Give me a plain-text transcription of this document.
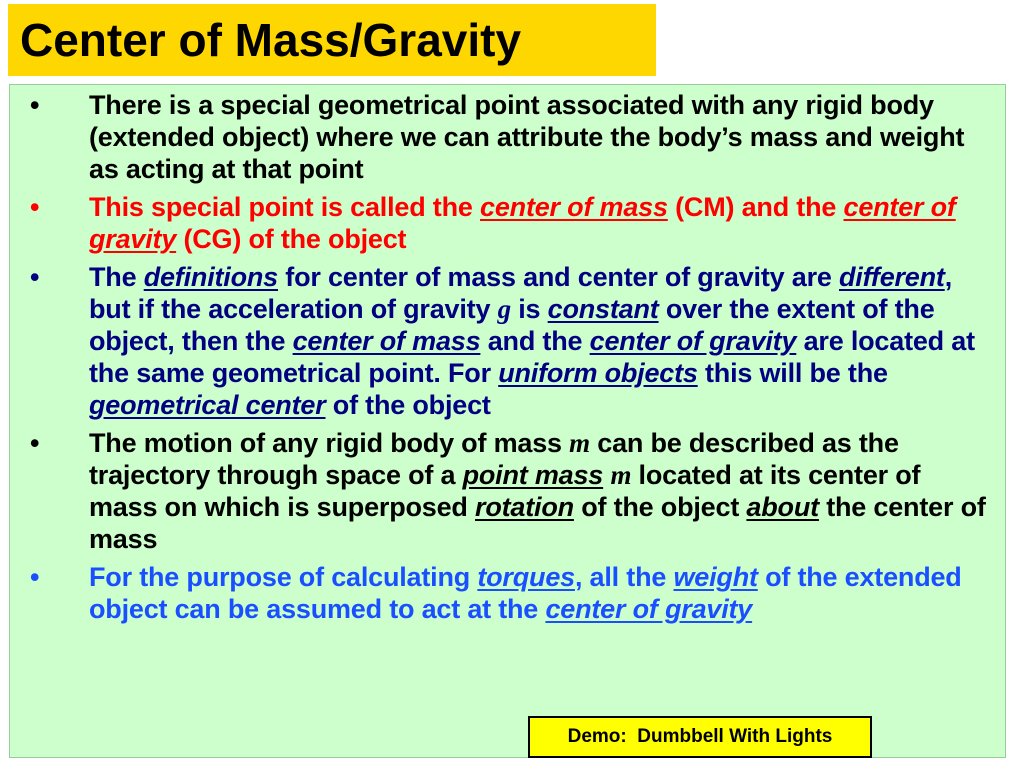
Center of Mass/Gravity
•	There is a special geometrical point associated with any rigid body (extended object) where we can attribute the body’s mass and weight as acting at that point
•	This special point is called the center of mass (CM) and the center of gravity (CG) of the object
•	The definitions for center of mass and center of gravity are different, but if the acceleration of gravity g is constant over the extent of the object, then the center of mass and the center of gravity are located at the same geometrical point. For uniform objects this will be the geometrical center of the object
•	The motion of any rigid body of mass m can be described as the trajectory through space of a point mass m located at its center of mass on which is superposed rotation of the object about the center of mass
•	For the purpose of calculating torques, all the weight of the extended object can be assumed to act at the center of gravity
Demo:  Dumbbell With Lights
